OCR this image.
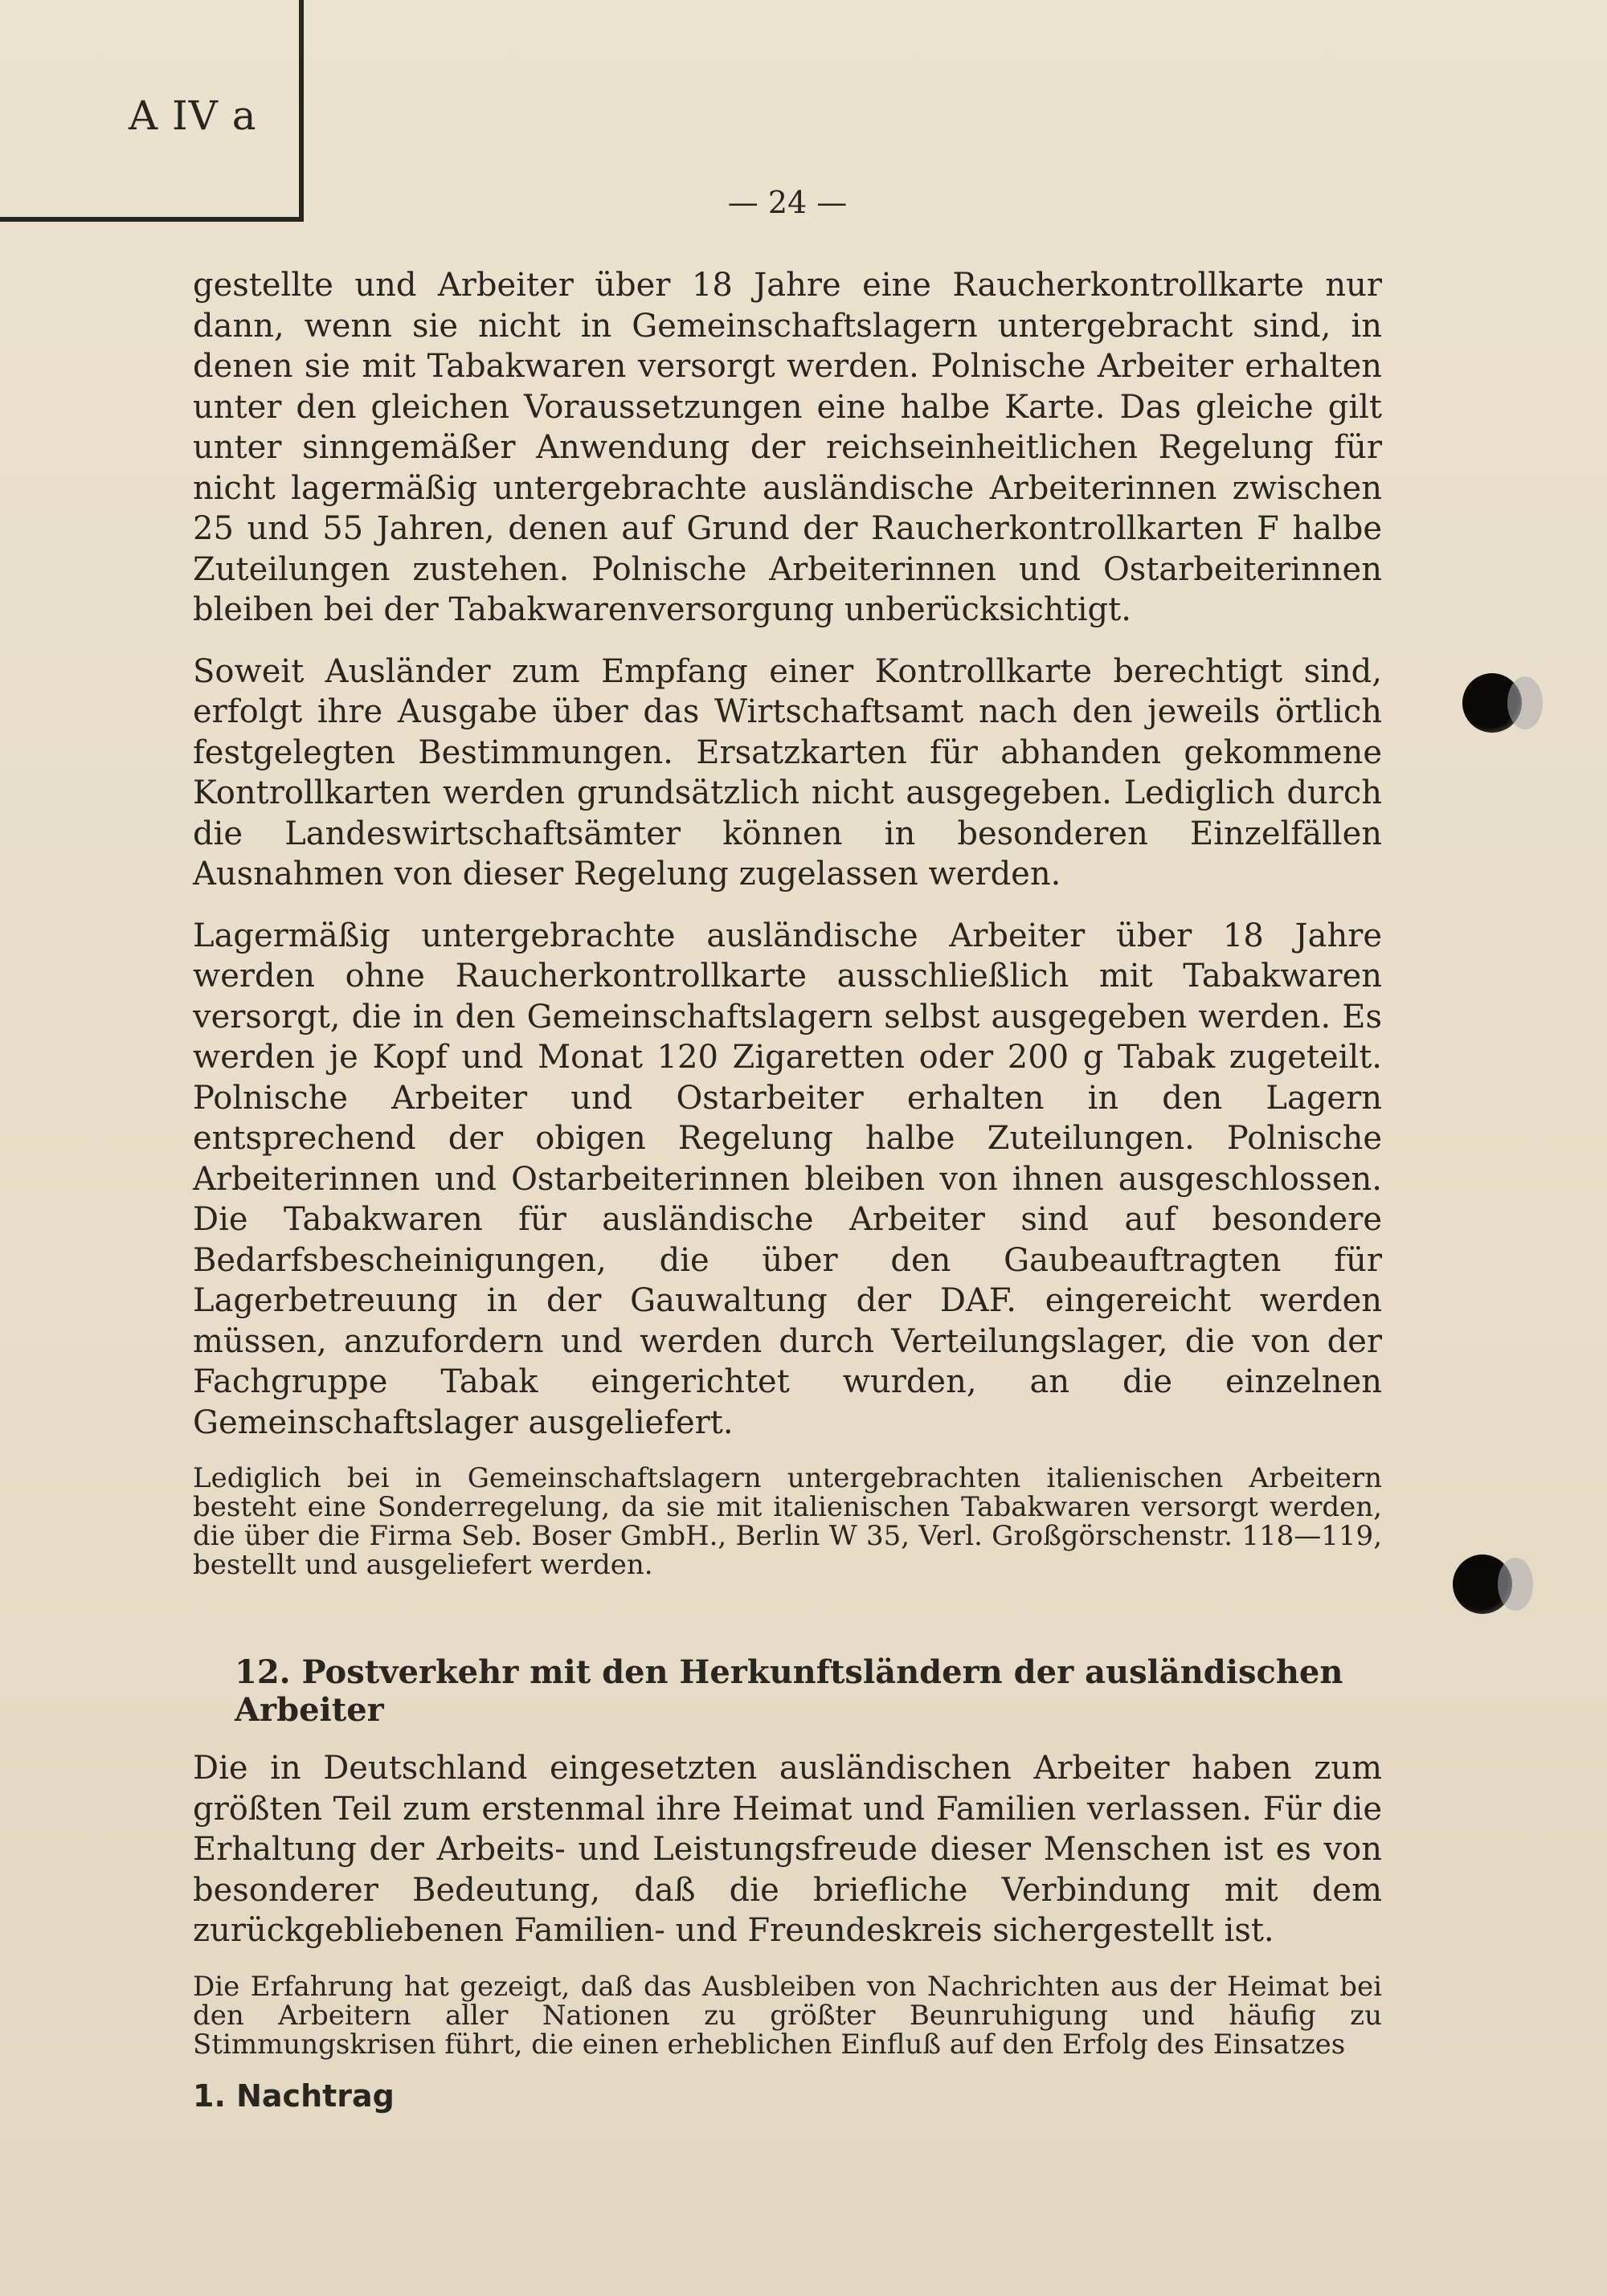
A IV a
— 24 —

gestellte und Arbeiter über 18 Jahre eine Raucherkontrollkarte nur dann, wenn sie nicht in Gemeinschaftslagern untergebracht sind, in denen sie mit Tabakwaren versorgt werden. Polnische Arbeiter erhalten unter den gleichen Voraussetzungen eine halbe Karte. Das gleiche gilt unter sinngemäßer Anwendung der reichseinheitlichen Regelung für nicht lagermäßig untergebrachte ausländische Arbeiterinnen zwischen 25 und 55 Jahren, denen auf Grund der Raucherkontrollkarten F halbe Zuteilungen zustehen. Polnische Arbeiterinnen und Ostarbeiterinnen bleiben bei der Tabakwarenversorgung unberücksichtigt.

Soweit Ausländer zum Empfang einer Kontrollkarte berechtigt sind, erfolgt ihre Ausgabe über das Wirtschaftsamt nach den jeweils örtlich festgelegten Bestimmungen. Ersatzkarten für abhanden gekommene Kontrollkarten werden grundsätzlich nicht ausgegeben. Lediglich durch die Landeswirtschaftsämter können in besonderen Einzelfällen Ausnahmen von dieser Regelung zugelassen werden.

Lagermäßig untergebrachte ausländische Arbeiter über 18 Jahre werden ohne Raucherkontrollkarte ausschließlich mit Tabakwaren versorgt, die in den Gemeinschaftslagern selbst ausgegeben werden. Es werden je Kopf und Monat 120 Zigaretten oder 200 g Tabak zugeteilt. Polnische Arbeiter und Ostarbeiter erhalten in den Lagern entsprechend der obigen Regelung halbe Zuteilungen. Polnische Arbeiterinnen und Ostarbeiterinnen bleiben von ihnen ausgeschlossen. Die Tabakwaren für ausländische Arbeiter sind auf besondere Bedarfsbescheinigungen, die über den Gaubeauftragten für Lagerbetreuung in der Gauwaltung der DAF. eingereicht werden müssen, anzufordern und werden durch Verteilungslager, die von der Fachgruppe Tabak eingerichtet wurden, an die einzelnen Gemeinschaftslager ausgeliefert.

Lediglich bei in Gemeinschaftslagern untergebrachten italienischen Arbeitern besteht eine Sonderregelung, da sie mit italienischen Tabakwaren versorgt werden, die über die Firma Seb. Boser GmbH., Berlin W 35, Verl. Großgörschenstr. 118—119, bestellt und ausgeliefert werden.

12. Postverkehr mit den Herkunftsländern der ausländischen Arbeiter

Die in Deutschland eingesetzten ausländischen Arbeiter haben zum größten Teil zum erstenmal ihre Heimat und Familien verlassen. Für die Erhaltung der Arbeits- und Leistungsfreude dieser Menschen ist es von besonderer Bedeutung, daß die briefliche Verbindung mit dem zurückgebliebenen Familien- und Freundeskreis sichergestellt ist.

Die Erfahrung hat gezeigt, daß das Ausbleiben von Nachrichten aus der Heimat bei den Arbeitern aller Nationen zu größter Beunruhigung und häufig zu Stimmungskrisen führt, die einen erheblichen Einfluß auf den Erfolg des Einsatzes

1. Nachtrag
